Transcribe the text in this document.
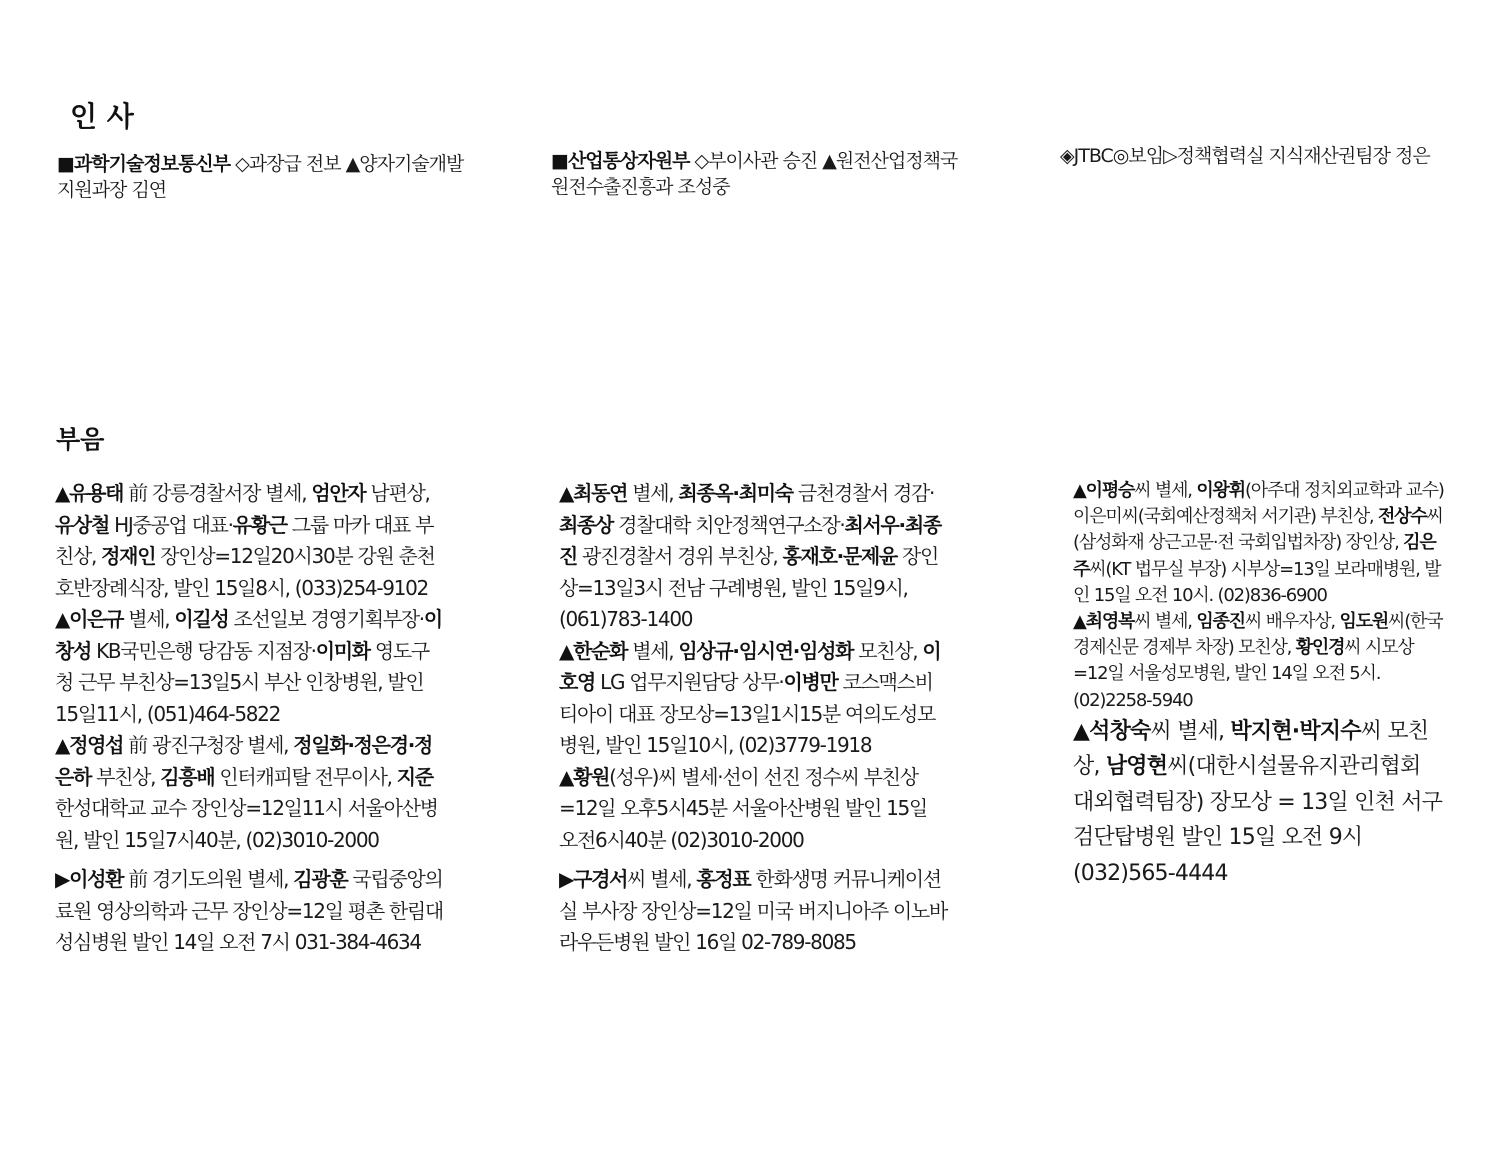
인 사

■과학기술정보통신부 ◇과장급 전보 ▲양자기술개발지원과장 김연

■산업통상자원부 ◇부이사관 승진 ▲원전산업정책국 원전수출진흥과 조성중

◈JTBC◎보임▷정책협력실 지식재산권팀장 정은

부음

▲유용태 前 강릉경찰서장 별세, 엄안자 남편상, 유상철 HJ중공업 대표·유황근 그룹 마카 대표 부친상, 정재인 장인상=12일20시30분 강원 춘천 호반장례식장, 발인 15일8시, (033)254-9102

▲이은규 별세, 이길성 조선일보 경영기획부장·이창성 KB국민은행 당감동 지점장·이미화 영도구청 근무 부친상=13일5시 부산 인창병원, 발인 15일11시, (051)464-5822

▲정영섭 前 광진구청장 별세, 정일화·정은경·정은하 부친상, 김흥배 인터캐피탈 전무이사, 지준 한성대학교 교수 장인상=12일11시 서울아산병원, 발인 15일7시40분, (02)3010-2000

▶이성환 前 경기도의원 별세, 김광훈 국립중앙의료원 영상의학과 근무 장인상=12일 평촌 한림대성심병원 발인 14일 오전 7시 031-384-4634

▲최동연 별세, 최종옥·최미숙 금천경찰서 경감·최종상 경찰대학 치안정책연구소장·최서우·최종진 광진경찰서 경위 부친상, 홍재호·문제윤 장인상=13일3시 전남 구례병원, 발인 15일9시, (061)783-1400

▲한순화 별세, 임상규·임시연·임성화 모친상, 이호영 LG 업무지원담당 상무·이병만 코스맥스비티아이 대표 장모상=13일1시15분 여의도성모병원, 발인 15일10시, (02)3779-1918

▲황원(성우)씨 별세·선이 선진 정수씨 부친상=12일 오후5시45분 서울아산병원 발인 15일 오전6시40분 (02)3010-2000

▶구경서씨 별세, 홍정표 한화생명 커뮤니케이션실 부사장 장인상=12일 미국 버지니아주 이노바 라우든병원 발인 16일 02-789-8085

▲이평승씨 별세, 이왕휘(아주대 정치외교학과 교수) 이은미씨(국회예산정책처 서기관) 부친상, 전상수씨(삼성화재 상근고문·전 국회입법차장) 장인상, 김은주씨(KT 법무실 부장) 시부상=13일 보라매병원, 발인 15일 오전 10시. (02)836-6900

▲최영복씨 별세, 임종진씨 배우자상, 임도원씨(한국경제신문 경제부 차장) 모친상, 황인경씨 시모상=12일 서울성모병원, 발인 14일 오전 5시. (02)2258-5940

▲석창숙씨 별세, 박지현·박지수씨 모친상, 남영현씨(대한시설물유지관리협회 대외협력팀장) 장모상 = 13일 인천 서구 검단탑병원 발인 15일 오전 9시 (032)565-4444
